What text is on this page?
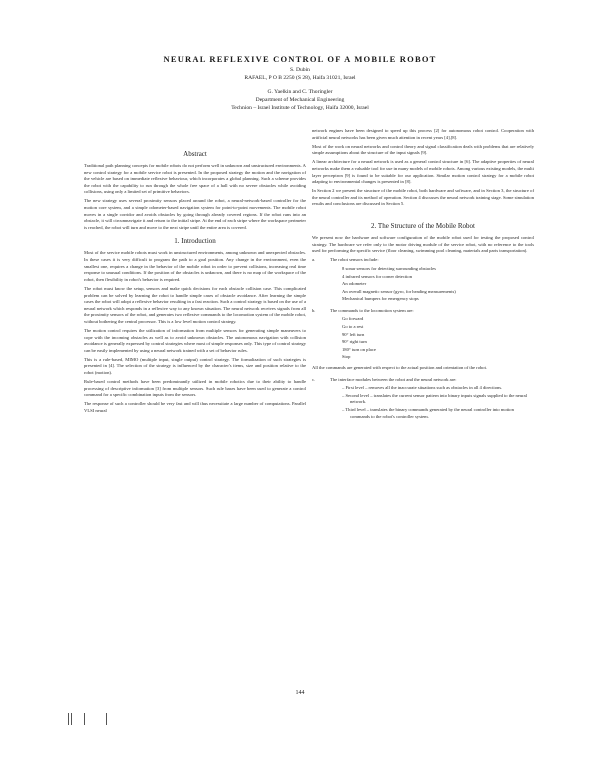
NEURAL REFLEXIVE CONTROL OF A MOBILE ROBOT
S. Dubin
RAFAEL, P O B 2250 (S 28), Haifa 31021, Israel
G. Yaelkin and C. Thoringler
Department of Mechanical Engineering
Technion – Israel Institute of Technology, Haifa 32000, Israel
Abstract

Traditional path planning concepts for mobile robots do not perform well in unknown and unstructured environments. A new control strategy for a mobile service robot is presented. In the proposed strategy the motion and the navigation of the vehicle are based on immediate reflexive behaviour, which incorporates a global planning. Such a scheme provides the robot with the capability to run through the whole free space of a hall with no severe obstacles while avoiding collisions, using only a limited set of primitive behaviors.

The new strategy uses several proximity sensors placed around the robot, a neural-network-based controller for the motion core system, and a simple odometer-based navigation system for point-to-point movements. The mobile robot moves in a single corridor and avoids obstacles by going through already covered regions. If the robot runs into an obstacle, it will circumnavigate it and return to the initial stripe. At the end of each stripe where the workspace perimeter is reached, the robot will turn and move to the next stripe until the entire area is covered.

1. Introduction

Most of the service mobile robots must work in unstructured environments, among unknown and unexpected obstacles. In these cases it is very difficult to program the path to a goal position. Any change in the environment, even the smallest one, requires a change in the behavior of the mobile robot in order to prevent collisions, increasing real time response to unusual conditions. If the position of the obstacles is unknown, and there is no map of the workspace of the robot, then flexibility in robot's behavior is required.

The robot must know the setup, sensors and make quick decisions for each obstacle collision case. This complicated problem can be solved by learning the robot to handle simple cases of obstacle avoidance. After learning the simple cases the robot will adopt a reflexive behavior resulting in a fast reaction. Such a control strategy is based on the use of a neural network which responds in a reflexive way to any known situation. The neural network receives signals from all the proximity sensors of the robot, and generates two reflexive commands to the locomotion system of the mobile robot, without bothering the central processor. This is a low level motion control strategy.

The motion control requires the utilization of information from multiple sensors for generating simple maneuvers to cope with the incoming obstacles as well as to avoid unknown obstacles. The autonomous navigation with collision avoidance is generally expressed by control strategies where most of simple responses only. This type of control strategy can be easily implemented by using a neural network trained with a set of behavior rules.

This is a rule-based, MIMO (multiple input, single output) control strategy. The formalization of such strategies is presented in [4]. The selection of the strategy is influenced by the character's items, size and position relative to the robot (motion).

Rule-based control methods have been predominantly utilized in mobile robotics due to their ability to handle processing of descriptive information [3] from multiple sensors. Such rule bases have been used to generate a control command for a specific combination inputs from the sensors.

The response of such a controller should be very fast and will thus necessitate a large number of computations. Parallel VLSI neural

network engines have been designed to speed up this process [2] for autonomous robot control. Cooperation with artificial neural networks has been given much attention in recent years [4],[8].

Most of the work on neural networks and control theory and signal classification deals with problems that are relatively simple assumptions about the structure of the input signals [9].

A linear architecture for a neural network is used as a general control structure in [6]. The adaptive properties of neural networks make them a valuable tool for use in many models of mobile robots. Among various existing models, the multi layer perceptron [9] is found to be suitable for our application. Similar motion control strategy for a mobile robot adapting to environmental changes is presented in [8].

In Section 2 we present the structure of the mobile robot, both hardware and software, and in Section 3, the structure of the neural controller and its method of operation. Section 4 discusses the neural network training stage. Some simulation results and conclusions are discussed in Section 5.

2. The Structure of the Mobile Robot

We present now the hardware and software configuration of the mobile robot used for testing the proposed control strategy. The hardware we refer only to the motor driving module of the service robot, with no reference to the tools used for performing the specific service (floor cleaning, swimming pool cleaning, materials and parts transportation).

a.	The robot sensors include:
8 sonar sensors for detecting surrounding obstacles
4 infrared sensors for corner detection
An odometer
An overall magnetic sensor (gyro, for heading measurements)
Mechanical bumpers for emergency stops
b.	The commands to the locomotion system are:
Go forward
Go to a rest
90° left turn
90° right turn
180° turn on place
Stop

All the commands are generated with respect to the actual position and orientation of the robot.

c.	The interface modules between the robot and the neural network are:
– First level – removes all the inaccurate situations such as obstacles in all 4 directions.
– Second level – translates the current sensor pattern into binary inputs signals supplied to the neural network.
– Third level – translates the binary commands generated by the neural controller into motion commands to the robot's controller system.
144
